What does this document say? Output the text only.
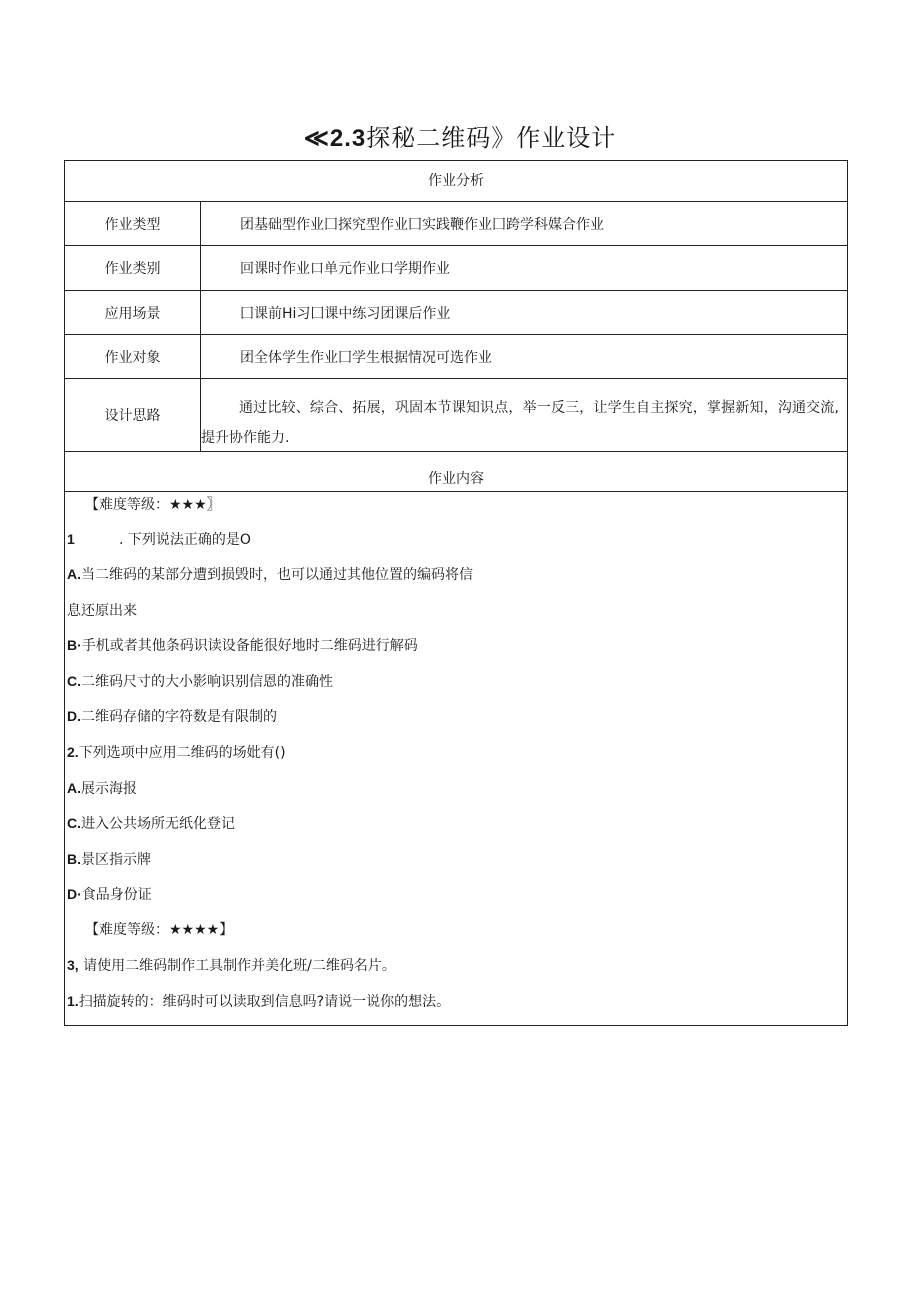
≪2.3探秘二维码》作业设计
作业分析
作业类型	团基础型作业囗探究型作业囗实践鞭作业囗跨学科媒合作业
作业类别	回课时作业口单元作业口学期作业
应用场景	囗课前Hi习囗课中练习团课后作业
作业对象	团全体学生作业囗学生根据情况可选作业
设计思路	通过比较、综合、拓展，巩固本节课知识点，举一反三，让学生自主探究，掌握新知，沟通交流,提升协作能力.
作业内容
【难度等级：★★★〗
1	. 下列说法正确的是O
A.当二维码的某部分遭到损毁时，也可以通过其他位置的编码将信
息还原出来
B·手机或者其他条码识读设备能很好地时二维码进行解码
C.二维码尺寸的大小影响识别信恩的准确性
D.二维码存储的字符数是有限制的
2.下列选项中应用二维码的场妣有()
A.展示海报
C.进入公共场所无纸化登记
B.景区指示牌
D·食品身份证
【难度等级：★★★★】
3, 请使用二维码制作工具制作并美化班/二维码名片。
1.扫描旋转的：维码时可以读取到信息吗?请说一说你的想法。
